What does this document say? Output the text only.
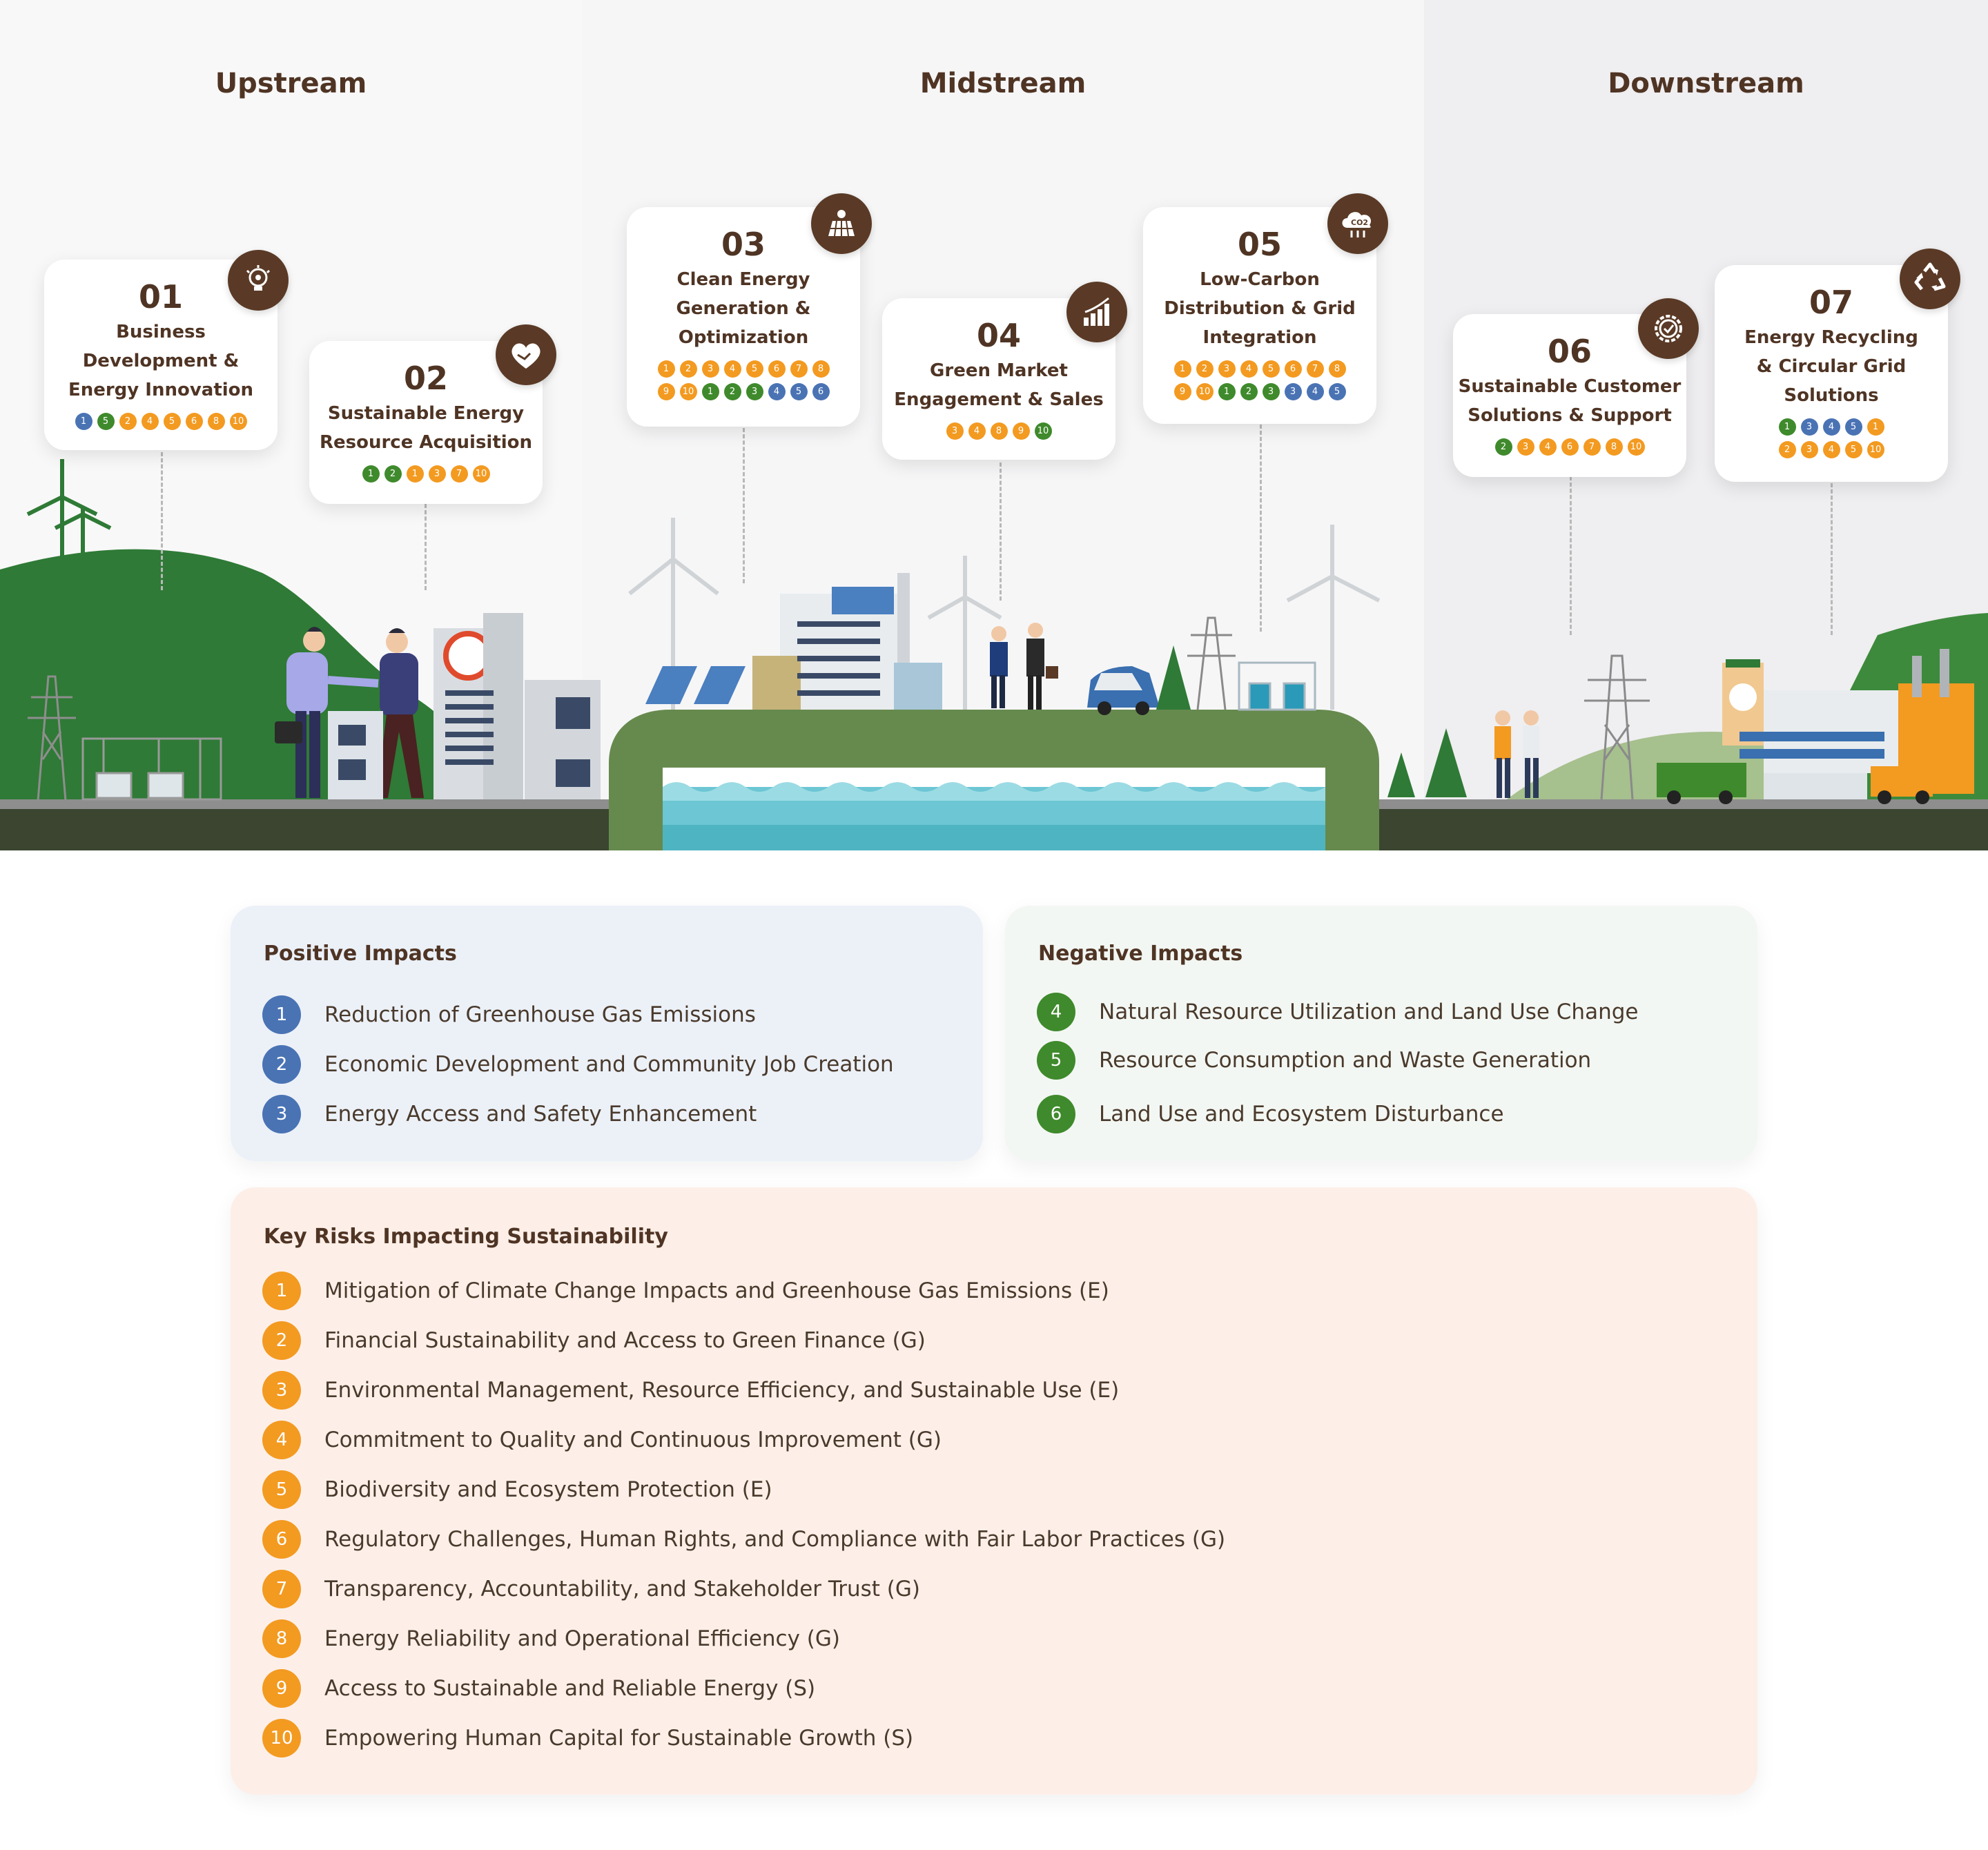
Upstream	Midstream	Downstream
01
Business
Development &
Energy Innovation
1	5	2	4	5	6	8	10
02
Sustainable Energy
Resource Acquisition
1	2	1	3	7	10
03
Clean Energy
Generation &
Optimization
1	2	3	4	5	6	7	8
9	10	1	2	3	4	5	6
04
Green Market
Engagement & Sales
3	4	8	9	10
05
Low-Carbon
Distribution & Grid
Integration
1	2	3	4	5	6	7	8
9	10	1	2	3	3	4	5
CO2
06
Sustainable Customer
Solutions & Support
2	3	4	6	7	8	10
07
Energy Recycling
& Circular Grid
Solutions
1	3	4	5	1
2	3	4	5	10
Positive Impacts
1	Reduction of Greenhouse Gas Emissions
2	Economic Development and Community Job Creation
3	Energy Access and Safety Enhancement
Negative Impacts
4	Natural Resource Utilization and Land Use Change
5	Resource Consumption and Waste Generation
6	Land Use and Ecosystem Disturbance
Key Risks Impacting Sustainability
1	Mitigation of Climate Change Impacts and Greenhouse Gas Emissions (E)
2	Financial Sustainability and Access to Green Finance (G)
3	Environmental Management, Resource Efficiency, and Sustainable Use (E)
4	Commitment to Quality and Continuous Improvement (G)
5	Biodiversity and Ecosystem Protection (E)
6	Regulatory Challenges, Human Rights, and Compliance with Fair Labor Practices (G)
7	Transparency, Accountability, and Stakeholder Trust (G)
8	Energy Reliability and Operational Efficiency (G)
9	Access to Sustainable and Reliable Energy (S)
10	Empowering Human Capital for Sustainable Growth (S)
